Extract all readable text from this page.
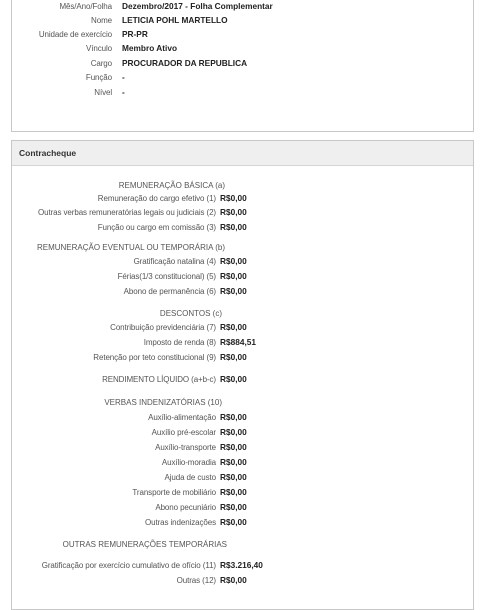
Mês/Ano/Folha Dezembro/2017 - Folha Complementar
Nome LETICIA POHL MARTELLO
Unidade de exercício PR-PR
Vínculo Membro Ativo
Cargo PROCURADOR DA REPUBLICA
Função -
Nível -
Contracheque
REMUNERAÇÃO BÁSICA (a)
Remuneração do cargo efetivo (1) R$0,00
Outras verbas remuneratórias legais ou judiciais (2) R$0,00
Função ou cargo em comissão (3) R$0,00
REMUNERAÇÃO EVENTUAL OU TEMPORÁRIA (b)
Gratificação natalina (4) R$0,00
Férias(1/3 constitucional) (5) R$0,00
Abono de permanência (6) R$0,00
DESCONTOS (c)
Contribuição previdenciária (7) R$0,00
Imposto de renda (8) R$884,51
Retenção por teto constitucional (9) R$0,00
RENDIMENTO LÍQUIDO (a+b-c) R$0,00
VERBAS INDENIZATÓRIAS (10)
Auxílio-alimentação R$0,00
Auxílio pré-escolar R$0,00
Auxílio-transporte R$0,00
Auxílio-moradia R$0,00
Ajuda de custo R$0,00
Transporte de mobiliário R$0,00
Abono pecuniário R$0,00
Outras indenizações R$0,00
OUTRAS REMUNERAÇÕES TEMPORÁRIAS
Gratificação por exercício cumulativo de ofício (11) R$3.216,40
Outras (12) R$0,00
